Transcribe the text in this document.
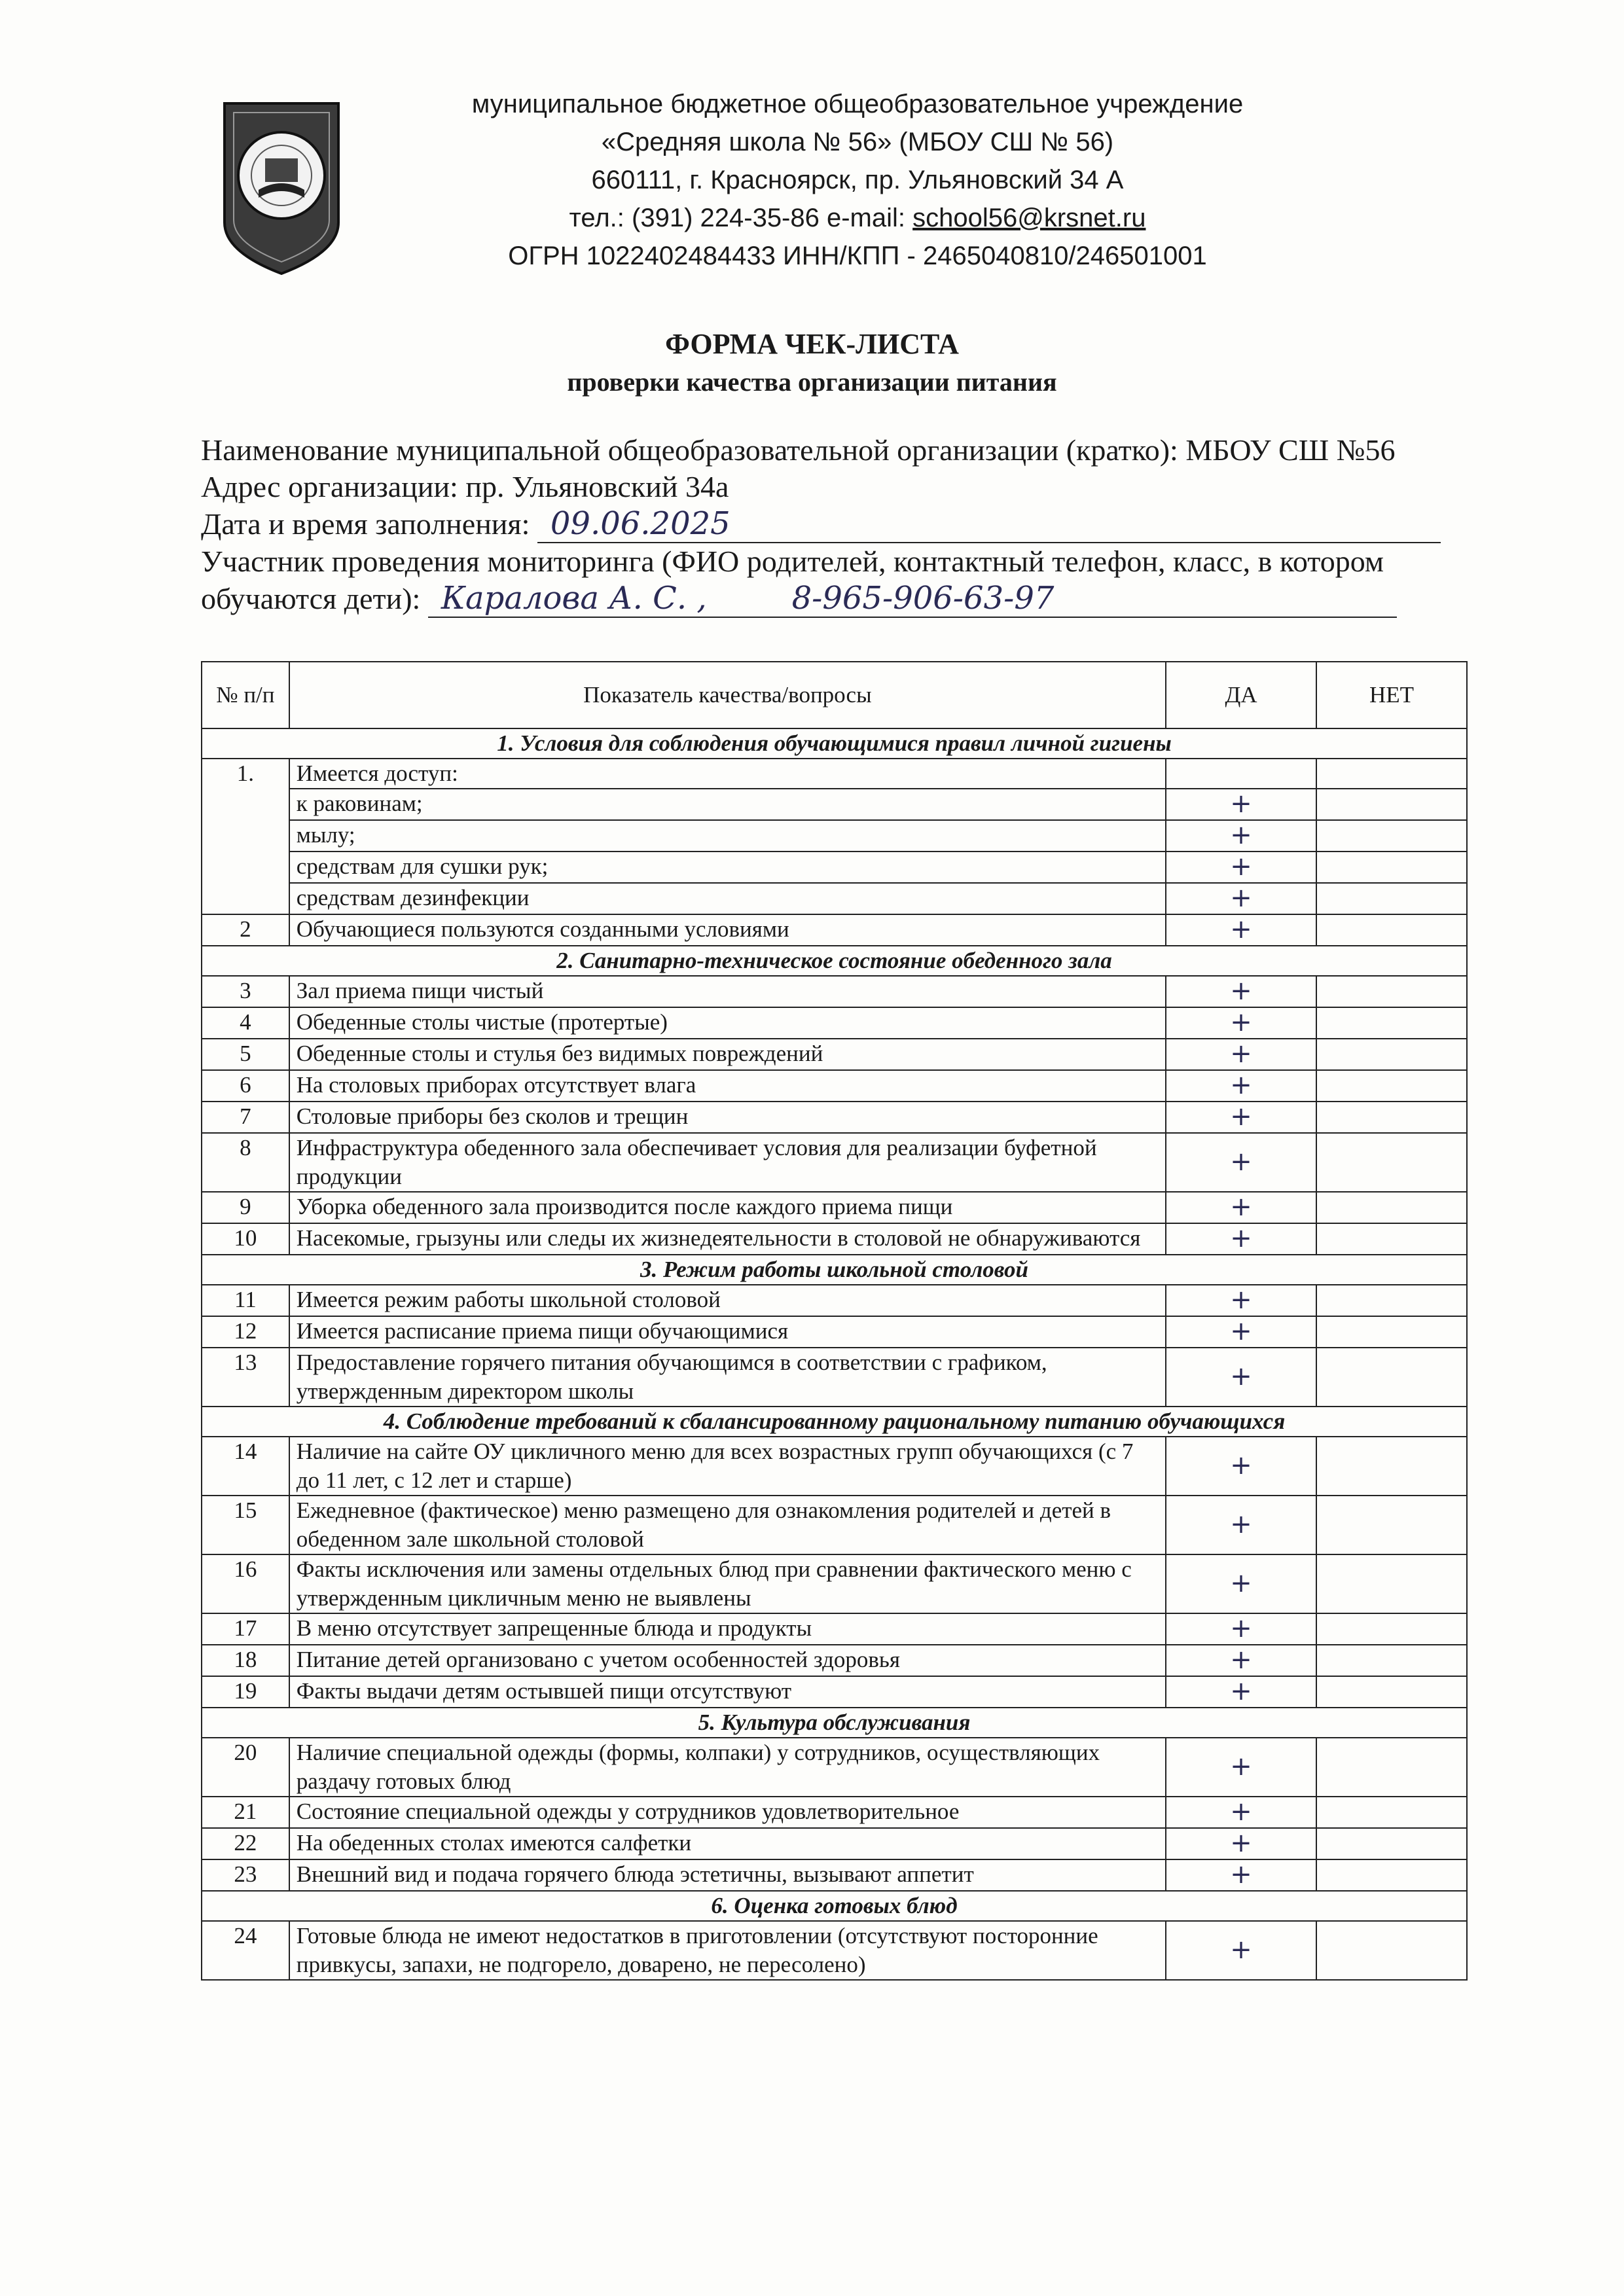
муниципальное бюджетное общеобразовательное учреждение
«Средняя школа № 56» (МБОУ СШ № 56)
660111, г. Красноярск, пр. Ульяновский 34 А
тел.: (391) 224-35-86 e-mail: school56@krsnet.ru
ОГРН 1022402484433 ИНН/КПП - 2465040810/246501001
ФОРМА ЧЕК-ЛИСТА
проверки качества организации питания
Наименование муниципальной общеобразовательной организации (кратко): МБОУ СШ №56
Адрес организации: пр. Ульяновский 34а
Дата и время заполнения: 09.06.2025
Участник проведения мониторинга (ФИО родителей, контактный телефон, класс, в котором
обучаются дети): Каралова А. С. ,	8-965-906-63-97
№ п/п	Показатель качества/вопросы	ДА	НЕТ
1. Условия для соблюдения обучающимися правил личной гигиены			
1.	Имеется доступ:		
	к раковинам;	+	
	мылу;	+	
	средствам для сушки рук;	+	
	средствам дезинфекции	+	
2	Обучающиеся пользуются созданными условиями	+	
2. Санитарно-техническое состояние обеденного зала			
3	Зал приема пищи чистый	+	
4	Обеденные столы чистые (протертые)	+	
5	Обеденные столы и стулья без видимых повреждений	+	
6	На столовых приборах отсутствует влага	+	
7	Столовые приборы без сколов и трещин	+	
8	Инфраструктура обеденного зала обеспечивает условия для реализации буфетной продукции	+	
9	Уборка обеденного зала производится после каждого приема пищи	+	
10	Насекомые, грызуны или следы их жизнедеятельности в столовой не обнаруживаются	+	
3. Режим работы школьной столовой			
11	Имеется режим работы школьной столовой	+	
12	Имеется расписание приема пищи обучающимися	+	
13	Предоставление горячего питания обучающимся в соответствии с графиком, утвержденным директором школы	+	
4. Соблюдение требований к сбалансированному рациональному питанию обучающихся			
14	Наличие на сайте ОУ цикличного меню для всех возрастных групп обучающихся (с 7 до 11 лет, с 12 лет и старше)	+	
15	Ежедневное (фактическое) меню размещено для ознакомления родителей и детей в обеденном зале школьной столовой	+	
16	Факты исключения или замены отдельных блюд при сравнении фактического меню с утвержденным цикличным меню не выявлены	+	
17	В меню отсутствует запрещенные блюда и продукты	+	
18	Питание детей организовано с учетом особенностей здоровья	+	
19	Факты выдачи детям остывшей пищи отсутствуют	+	
5. Культура обслуживания			
20	Наличие специальной одежды (формы, колпаки) у сотрудников, осуществляющих раздачу готовых блюд	+	
21	Состояние специальной одежды у сотрудников удовлетворительное	+	
22	На обеденных столах имеются салфетки	+	
23	Внешний вид и подача горячего блюда эстетичны, вызывают аппетит	+	
6. Оценка готовых блюд			
24	Готовые блюда не имеют недостатков в приготовлении (отсутствуют посторонние привкусы, запахи, не подгорело, доварено, не пересолено)	+	
